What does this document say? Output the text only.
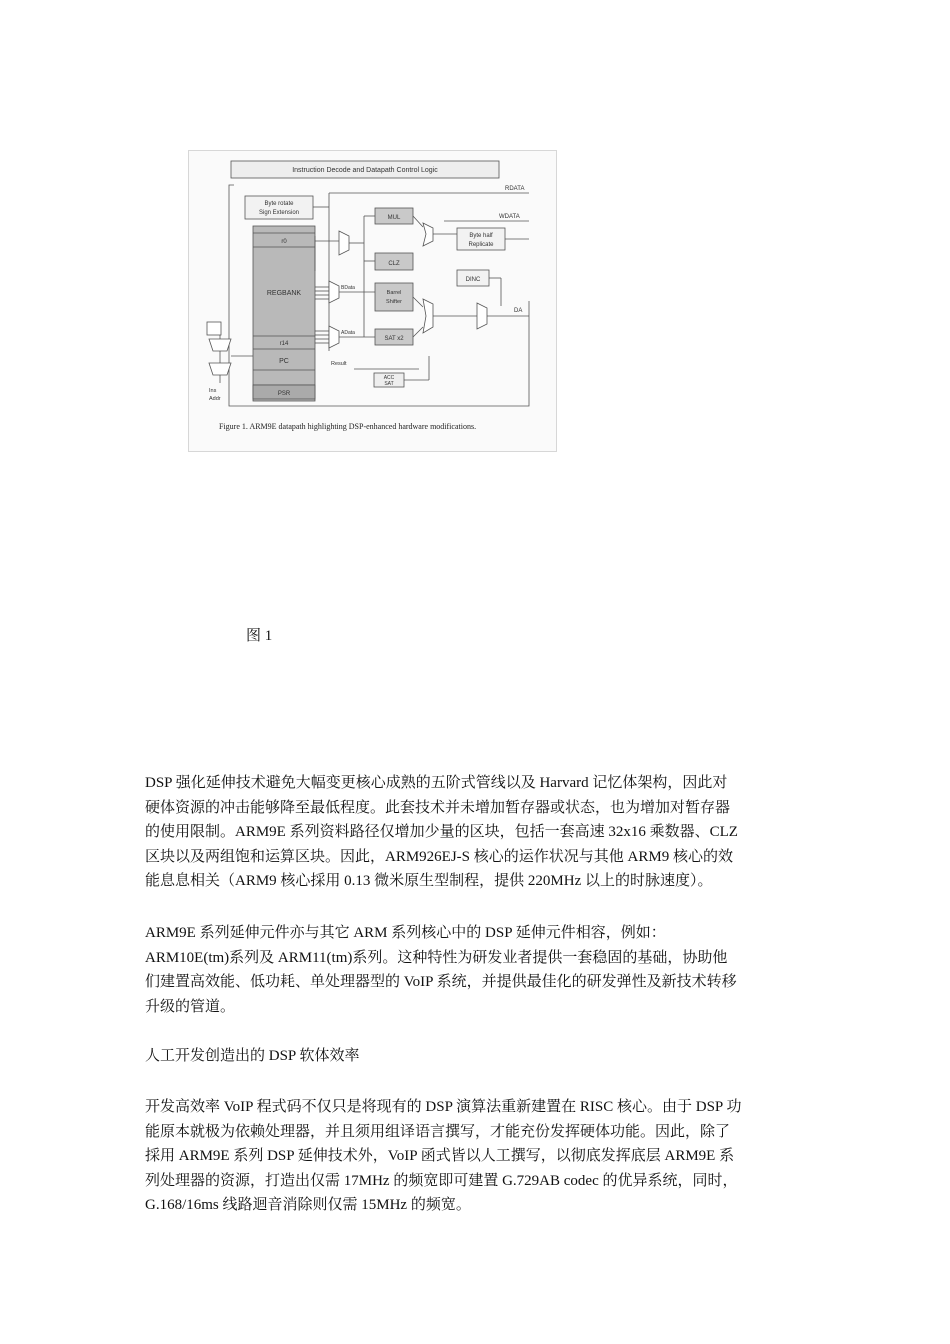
Instruction Decode and Datapath Control Logic
Byte rotate
Sign Extension
r0
REGBANK
r14
PC
PSR
MUL
CLZ
Barrel
Shifter
SAT x2
Byte half
Replicate
DINC
ACC
SAT
RDATA
WDATA
DA
BData
AData
Result
Ins
Addr
Figure 1. ARM9E datapath highlighting DSP-enhanced hardware modifications.
图 1

DSP 强化延伸技术避免大幅变更核心成熟的五阶式管线以及 Harvard 记忆体架构，因此对
硬体资源的冲击能够降至最低程度。此套技术并未增加暂存器或状态，也为增加对暂存器
的使用限制。ARM9E 系列资料路径仅增加少量的区块，包括一套高速 32x16 乘数器、CLZ
区块以及两组饱和运算区块。因此，ARM926EJ-S 核心的运作状况与其他 ARM9 核心的效
能息息相关（ARM9 核心採用 0.13 微米原生型制程，提供 220MHz 以上的时脉速度）。

ARM9E 系列延伸元件亦与其它 ARM 系列核心中的 DSP 延伸元件相容，例如：
ARM10E(tm)系列及 ARM11(tm)系列。这种特性为研发业者提供一套稳固的基础，协助他
们建置高效能、低功耗、单处理器型的 VoIP 系统，并提供最佳化的研发弹性及新技术转移
升级的管道。

人工开发创造出的 DSP 软体效率

开发高效率 VoIP 程式码不仅只是将现有的 DSP 演算法重新建置在 RISC 核心。由于 DSP 功
能原本就极为依赖处理器，并且须用组译语言撰写，才能充份发挥硬体功能。因此，除了
採用 ARM9E 系列 DSP 延伸技术外，VoIP 函式皆以人工撰写，以彻底发挥底层 ARM9E 系
列处理器的资源，打造出仅需 17MHz 的频宽即可建置 G.729AB codec 的优异系统，同时，
G.168/16ms 线路迴音消除则仅需 15MHz 的频宽。
